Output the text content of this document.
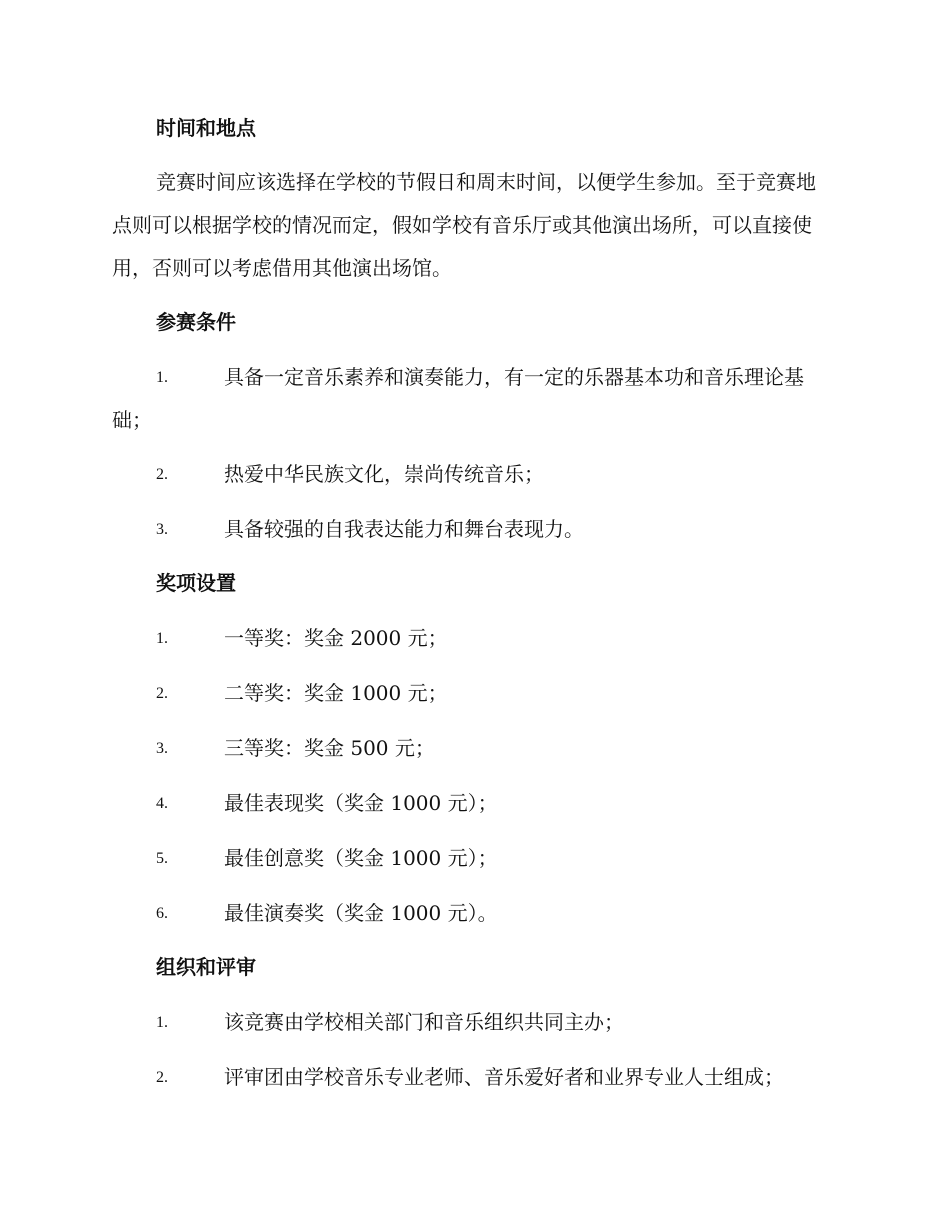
时间和地点

竞赛时间应该选择在学校的节假日和周末时间，以便学生参加。至于竞赛地点则可以根据学校的情况而定，假如学校有音乐厅或其他演出场所，可以直接使用，否则可以考虑借用其他演出场馆。

参赛条件
1.	具备一定音乐素养和演奏能力，有一定的乐器基本功和音乐理论基础；
2.	热爱中华民族文化，崇尚传统音乐；
3.	具备较强的自我表达能力和舞台表现力。
奖项设置
1.	一等奖：奖金 2000 元；
2.	二等奖：奖金 1000 元；
3.	三等奖：奖金 500 元；
4.	最佳表现奖（奖金 1000 元）；
5.	最佳创意奖（奖金 1000 元）；
6.	最佳演奏奖（奖金 1000 元）。
组织和评审
1.	该竞赛由学校相关部门和音乐组织共同主办；
2.	评审团由学校音乐专业老师、音乐爱好者和业界专业人士组成；
